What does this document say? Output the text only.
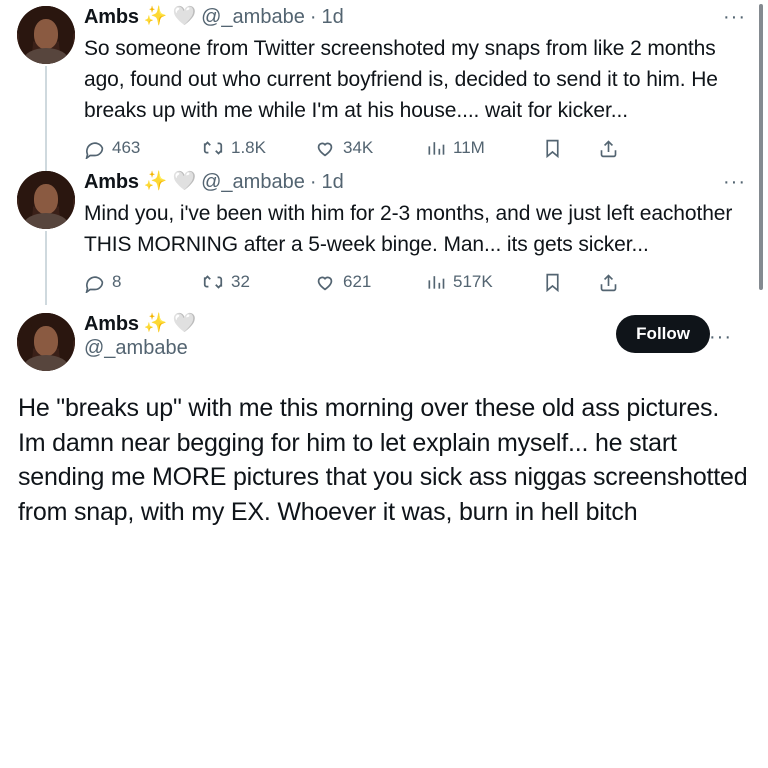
Ambs ✨ 🤍 @_ambabe · 1d	···
So someone from Twitter screenshoted my snaps from like 2 months ago, found out who current boyfriend is, decided to send it to him. He breaks up with me while I'm at his house.... wait for kicker...
463	1.8K	34K	11M
Ambs ✨ 🤍 @_ambabe · 1d	···
Mind you, i've been with him for 2-3 months, and we just left eachother THIS MORNING after a 5-week binge. Man... its gets sicker...
8	32	621	517K
Ambs ✨ 🤍
@_ambabe
Follow ···
He "breaks up" with me this morning over these old ass pictures. Im damn near begging for him to let explain myself... he start sending me MORE pictures that you sick ass niggas screenshotted from snap, with my EX. Whoever it was, burn in hell bitch
